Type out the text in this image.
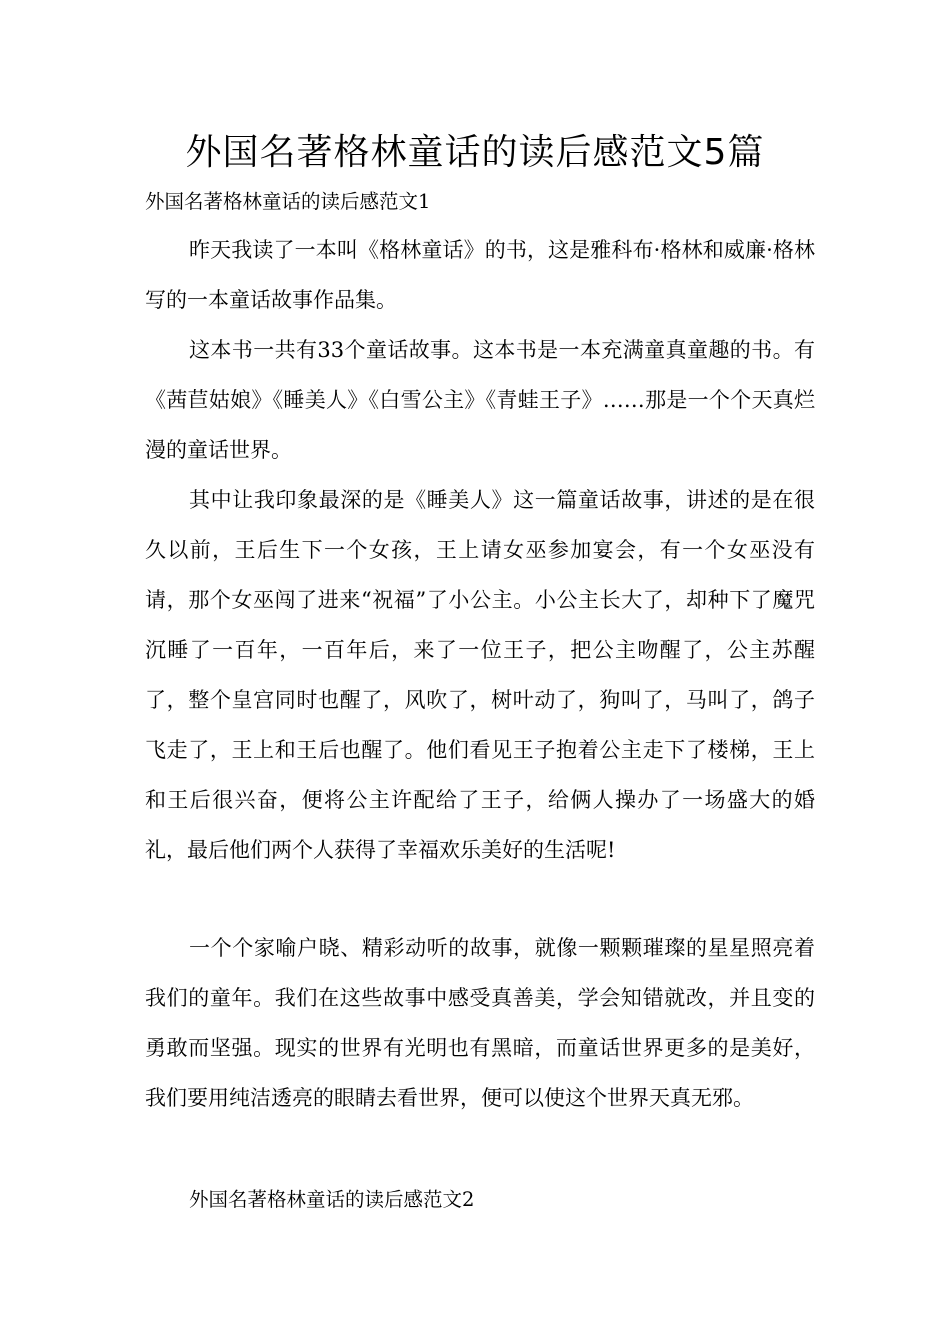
外国名著格林童话的读后感范文5篇
外国名著格林童话的读后感范文1

昨天我读了一本叫《格林童话》的书，这是雅科布·格林和威廉·格林写的一本童话故事作品集。

这本书一共有33个童话故事。这本书是一本充满童真童趣的书。有《茜苣姑娘》《睡美人》《白雪公主》《青蛙王子》……那是一个个天真烂漫的童话世界。

其中让我印象最深的是《睡美人》这一篇童话故事，讲述的是在很久以前，王后生下一个女孩，王上请女巫参加宴会，有一个女巫没有请，那个女巫闯了进来“祝福”了小公主。小公主长大了，却种下了魔咒沉睡了一百年，一百年后，来了一位王子，把公主吻醒了，公主苏醒了，整个皇宫同时也醒了，风吹了，树叶动了，狗叫了，马叫了，鸽子飞走了，王上和王后也醒了。他们看见王子抱着公主走下了楼梯，王上和王后很兴奋，便将公主许配给了王子，给俩人操办了一场盛大的婚礼，最后他们两个人获得了幸福欢乐美好的生活呢!

一个个家喻户晓、精彩动听的故事，就像一颗颗璀璨的星星照亮着我们的童年。我们在这些故事中感受真善美，学会知错就改，并且变的勇敢而坚强。现实的世界有光明也有黑暗，而童话世界更多的是美好，我们要用纯洁透亮的眼睛去看世界，便可以使这个世界天真无邪。

外国名著格林童话的读后感范文2
